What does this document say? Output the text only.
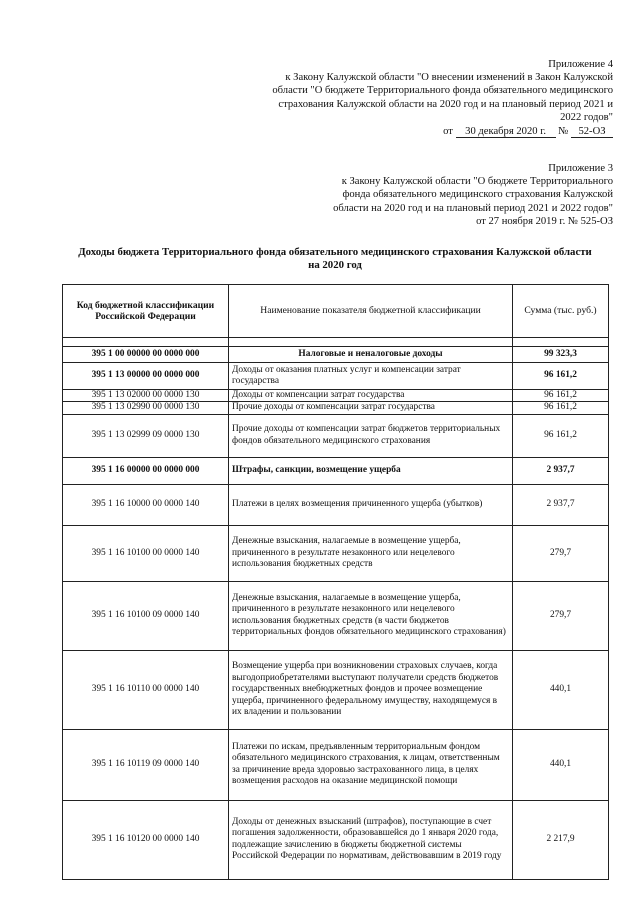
Приложение 4
к Закону Калужской области "О внесении изменений в Закон Калужской
области "О бюджете Территориального фонда обязательного медицинского
страхования Калужской области на 2020 год и на плановый период 2021 и
2022 годов"
от 30 декабря 2020 г. № 52-ОЗ
Приложение 3
к Закону Калужской области "О бюджете Территориального
фонда обязательного медицинского страхования Калужской
области на 2020 год и на плановый период 2021 и 2022 годов"
от 27 ноября 2019 г. № 525-ОЗ
Доходы бюджета Территориального фонда обязательного медицинского страхования Калужской области
на 2020 год
Код бюджетной классификации Российской Федерации	Наименование показателя бюджетной классификации	Сумма (тыс. руб.)

395 1 00 00000 00 0000 000	Налоговые и неналоговые доходы	99 323,3
395 1 13 00000 00 0000 000	Доходы от оказания платных услуг и компенсации затрат государства	96 161,2
395 1 13 02000 00 0000 130	Доходы от компенсации затрат государства	96 161,2
395 1 13 02990 00 0000 130	Прочие доходы от компенсации затрат государства	96 161,2
395 1 13 02999 09 0000 130	Прочие доходы от компенсации затрат бюджетов территориальных фондов обязательного медицинского страхования	96 161,2
395 1 16 00000 00 0000 000	Штрафы, санкции, возмещение ущерба	2 937,7
395 1 16 10000 00 0000 140	Платежи в целях возмещения причиненного ущерба (убытков)	2 937,7
395 1 16 10100 00 0000 140	Денежные взыскания, налагаемые в возмещение ущерба, причиненного в результате незаконного или нецелевого использования бюджетных средств	279,7
395 1 16 10100 09 0000 140	Денежные взыскания, налагаемые в возмещение ущерба, причиненного в результате незаконного или нецелевого использования бюджетных средств (в части бюджетов территориальных фондов обязательного медицинского страхования)	279,7
395 1 16 10110 00 0000 140	Возмещение ущерба при возникновении страховых случаев, когда выгодоприобретателями выступают получатели средств бюджетов государственных внебюджетных фондов и прочее возмещение ущерба, причиненного федеральному имуществу, находящемуся в их владении и пользовании	440,1
395 1 16 10119 09 0000 140	Платежи по искам, предъявленным территориальным фондом обязательного медицинского страхования, к лицам, ответственным за причинение вреда здоровью застрахованного лица, в целях возмещения расходов на оказание медицинской помощи	440,1
395 1 16 10120 00 0000 140	Доходы от денежных взысканий (штрафов), поступающие в счет погашения задолженности, образовавшейся до 1 января 2020 года, подлежащие зачислению в бюджеты бюджетной системы Российской Федерации по нормативам, действовавшим в 2019 году	2 217,9
